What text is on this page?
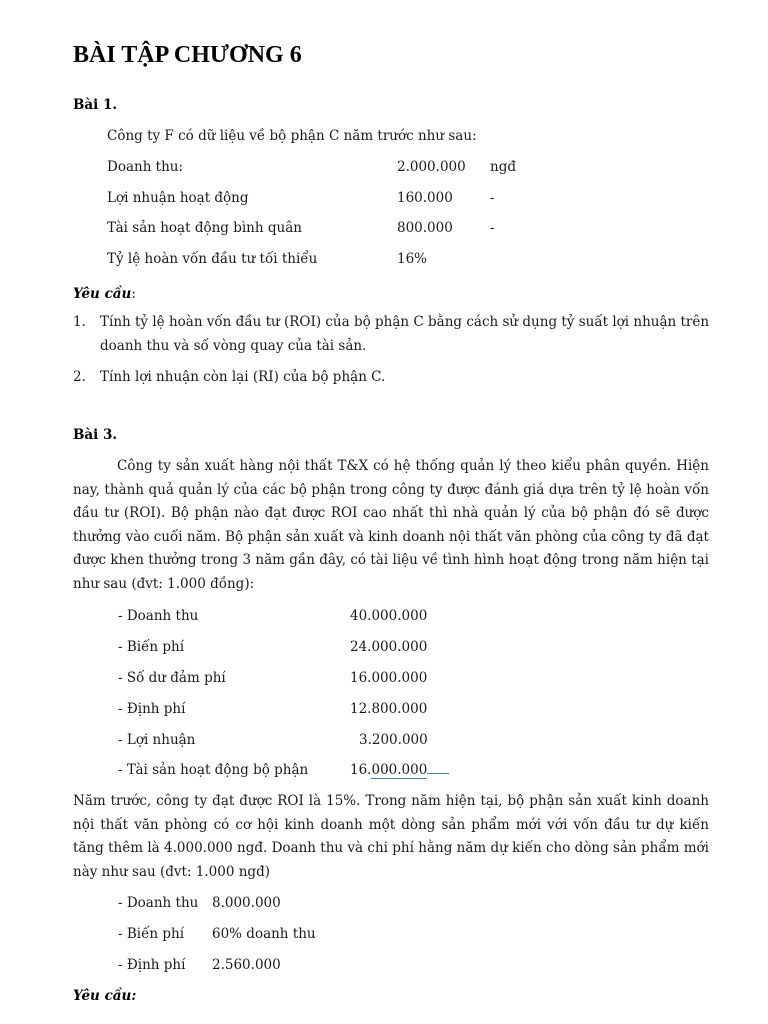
BÀI TẬP CHƯƠNG 6
Bài 1.
Công ty F có dữ liệu về bộ phận C năm trước như sau:
Doanh thu:	2.000.000 ngđ
Lợi nhuận hoạt động	160.000	-
Tài sản hoạt động bình quân	800.000	-
Tỷ lệ hoàn vốn đầu tư tối thiểu	16%
Yêu cầu:
1. Tính tỷ lệ hoàn vốn đầu tư (ROI) của bộ phận C bằng cách sử dụng tỷ suất lợi nhuận trên
doanh thu và số vòng quay của tài sản.
2. Tính lợi nhuận còn lại (RI) của bộ phận C.
Bài 3.
Công ty sản xuất hàng nội thất T&X có hệ thống quản lý theo kiểu phân quyền. Hiện nay, thành quả quản lý của các bộ phận trong công ty được đánh giá dựa trên tỷ lệ hoàn vốn đầu tư (ROI). Bộ phận nào đạt được ROI cao nhất thì nhà quản lý của bộ phận đó sẽ được thưởng vào cuối năm. Bộ phận sản xuất và kinh doanh nội thất văn phòng của công ty đã đạt được khen thưởng trong 3 năm gần đây, có tài liệu về tình hình hoạt động trong năm hiện tại như sau (đvt: 1.000 đồng):
- Doanh thu	40.000.000
- Biến phí	24.000.000
- Số dư đảm phí	16.000.000
- Định phí	12.800.000
- Lợi nhuận	3.200.000
- Tài sản hoạt động bộ phận	16.000.000
Năm trước, công ty đạt được ROI là 15%. Trong năm hiện tại, bộ phận sản xuất kinh doanh nội thất văn phòng có cơ hội kinh doanh một dòng sản phẩm mới với vốn đầu tư dự kiến tăng thêm là 4.000.000 ngđ. Doanh thu và chi phí hằng năm dự kiến cho dòng sản phẩm mới này như sau (đvt: 1.000 ngđ)
- Doanh thu 8.000.000
- Biến phí 60% doanh thu
- Định phí 2.560.000
Yêu cầu:
